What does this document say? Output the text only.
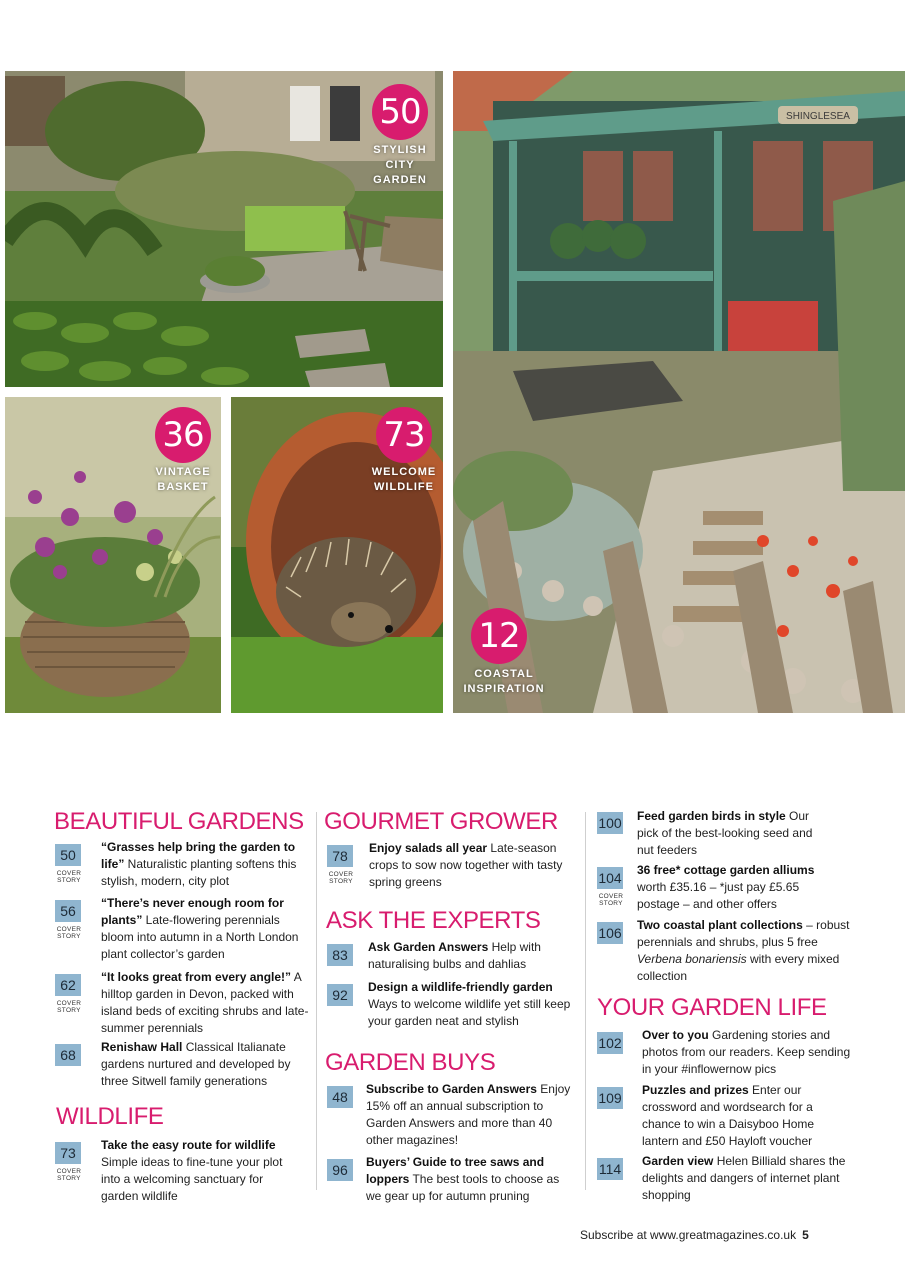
50
STYLISH
CITY
GARDEN
36
VINTAGE
BASKET
73
WELCOME
WILDLIFE
SHINGLESEA
12
COASTAL
INSPIRATION
BEAUTIFUL GARDENS
50
COVER
STORY
“Grasses help bring the garden to life” Naturalistic planting softens this stylish, modern, city plot
56
COVER
STORY
“There’s never enough room for plants” Late-flowering perennials bloom into autumn in a North London plant collector’s garden
62
COVER
STORY
“It looks great from every angle!” A hilltop garden in Devon, packed with island beds of exciting shrubs and late-summer perennials
68	Renishaw Hall Classical Italianate gardens nurtured and developed by three Sitwell family generations
WILDLIFE
73
COVER
STORY
Take the easy route for wildlife Simple ideas to fine-tune your plot into a welcoming sanctuary for garden wildlife
GOURMET GROWER
78
COVER
STORY
Enjoy salads all year Late-season crops to sow now together with tasty spring greens
ASK THE EXPERTS
83	Ask Garden Answers Help with naturalising bulbs and dahlias
92	Design a wildlife-friendly garden Ways to welcome wildlife yet still keep your garden neat and stylish
GARDEN BUYS
48	Subscribe to Garden Answers Enjoy 15% off an annual subscription to Garden Answers and more than 40 other magazines!
96	Buyers’ Guide to tree saws and loppers The best tools to choose as we gear up for autumn pruning
100 Feed garden birds in style Our pick of the best-looking seed and nut feeders
104
COVER
STORY
36 free* cottage garden alliums worth £35.16 – *just pay £5.65 postage – and other offers
106 Two coastal plant collections – robust perennials and shrubs, plus 5 free Verbena bonariensis with every mixed collection
YOUR GARDEN LIFE
102 Over to you Gardening stories and photos from our readers. Keep sending in your #inflowernow pics
109 Puzzles and prizes Enter our crossword and wordsearch for a chance to win a Daisyboo Home lantern and £50 Hayloft voucher
114 Garden view Helen Billiald shares the delights and dangers of internet plant shopping
Subscribe at www.greatmagazines.co.uk 5
